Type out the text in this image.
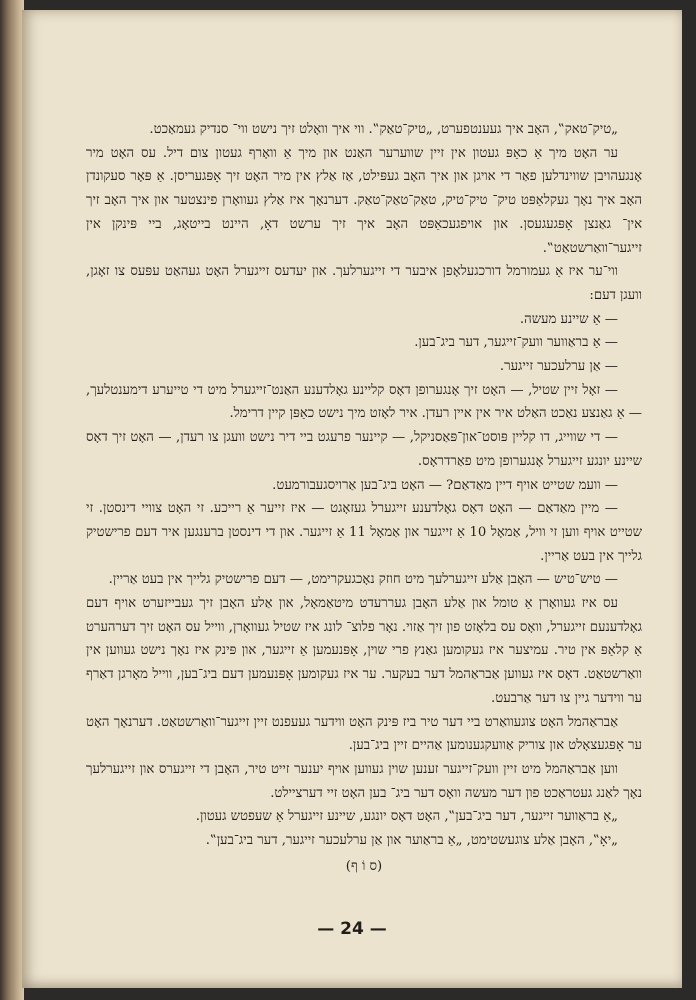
„טיק־טאק‟, האָב איך געענטפערט, „טיק־טאַק‟. ווי איך וואָלט זיך נישט ווי־ סנדיק געמאַכט.

ער האָט מיך אַ כאַפּ געטון אין זיין שווערער האַנט און מיך אַ וואָרף געטון צום דיל. עס האָט מיר אָנגעהויבן שווינדלען פאַר די אויגן און איך האָב געפּילט, אַז אַלץ אין מיר האָט זיך אָפּגעריסן. אַ פּאָר סעקונדן האָב איך נאָך געקלאַפּט טיק־ טיק־טיק, טאַק־טאַק־טאַק. דערנאָך איז אַלץ געוואָרן פינצטער און איך האָב זיך אין־ גאַנצן אָפּגעגעסן. און אויפגעכאַפּט האָב איך זיך ערשט דאָ, היינט בייטאָג, ביי פּינקן אין זייגער־וואַרשטאַט‟.

ווי־ער איז אַ געמורמל דורכגעלאָפן איבער די זייגערלעך. און יעדעס זייגערל האָט געהאַט עפּעס צו זאָגן, וועגן דעם:

— אַ שיינע מעשה.

— אַ בראַווער וועק־זייגער, דער ביג־בען.

— אַן ערלעכער זייגער.

— זאָל זיין שטיל, — האָט זיך אָנגערופן דאָס קליינע גאָלדענע האַנט־זייגערל מיט די טייערע דימענטלעך, — אַ גאַנצע נאַכט האַלט איר אין איין רעדן. איר לאָזט מיך נישט כאַפּן קיין דרימל.

— די שווייג, דו קליין פּוסט־און־פּאַסניקל, — קיינער פרעגט ביי דיר נישט וועגן צו רעדן, — האָט זיך דאָס שיינע יונגע זייגערל אָנגערופן מיט פאַרדראָס.

— וועמ שטייט אויף דיין מאַדאַם? — האָט ביג־בען אַרויסגעבורמעט.

— מיין מאַדאַם — האָט דאָס גאָלדענע זייגערל געזאָגט — איז זייער אַ רייכע. זי האָט צוויי דינסטן. זי שטייט אויף ווען זי וויל, אַמאָל 10 אַ זייגער און אַמאָל 11 אַ זייגער. און די דינסטן ברענגען איר דעם פרישטיק גלייך אין בעט אַריין.

— טיש־טיש — האָבן אַלע זייגערלעך מיט חוזק נאָכגעקרימט, — דעם פרישטיק גלייך אין בעט אַריין.

עס איז געוואָרן אַ טומל און אַלע האָבן געררעדט מיטאַמאָל, און אַלע האָבן זיך געבייזערט אויף דעם גאָלדענעם זייגערל, וואָס עס בלאָזט פון זיך אַזוי. נאָר פלוצ־ לונג איז שטיל געוואָרן, ווייל עס האָט זיך דערהערט אַ קלאַפּ אין טיר. עמיצער איז געקומען גאַנץ פרי שוין, אָפּנעמען אַ זייגער, און פּינק איז נאָך נישט געווען אין וואַרשטאַט. דאָס איז געווען אַבראַהמל דער בעקער. ער איז געקומען אָפּנעמען דעם ביג־בען, ווייל מאָרגן דאַרף ער ווידער גיין צו דער אַרבעט.

אַבראַהמל האָט צוגעוואַרט ביי דער טיר ביז פּינק האָט ווידער געעפנט זיין זייגער־וואַרשטאַט. דערנאָך האָט ער אָפּגעצאָלט און צוריק אַוועקגענומען אַהיים זיין ביג־בען.

ווען אַבראַהמל מיט זיין וועק־זייגער זענען שוין געווען אויף יענער זייט טיר, האָבן די זייגערס און זייגערלעך נאָך לאַנג געטראַכט פון דער מעשה וואָס דער ביג־ בען האָט זיי דערציילט.

„אַ בראַווער זייגער, דער ביג־בען‟, האָט דאָס יונגע, שיינע זייגערל אַ שעפטש געטון.

„יאָ‟, האָבן אַלע צוגעשטימט, „אַ בראַוער און אַן ערלעכער זייגער, דער ביג־בען‟.

(ס וֹ ף)

— 24 —
